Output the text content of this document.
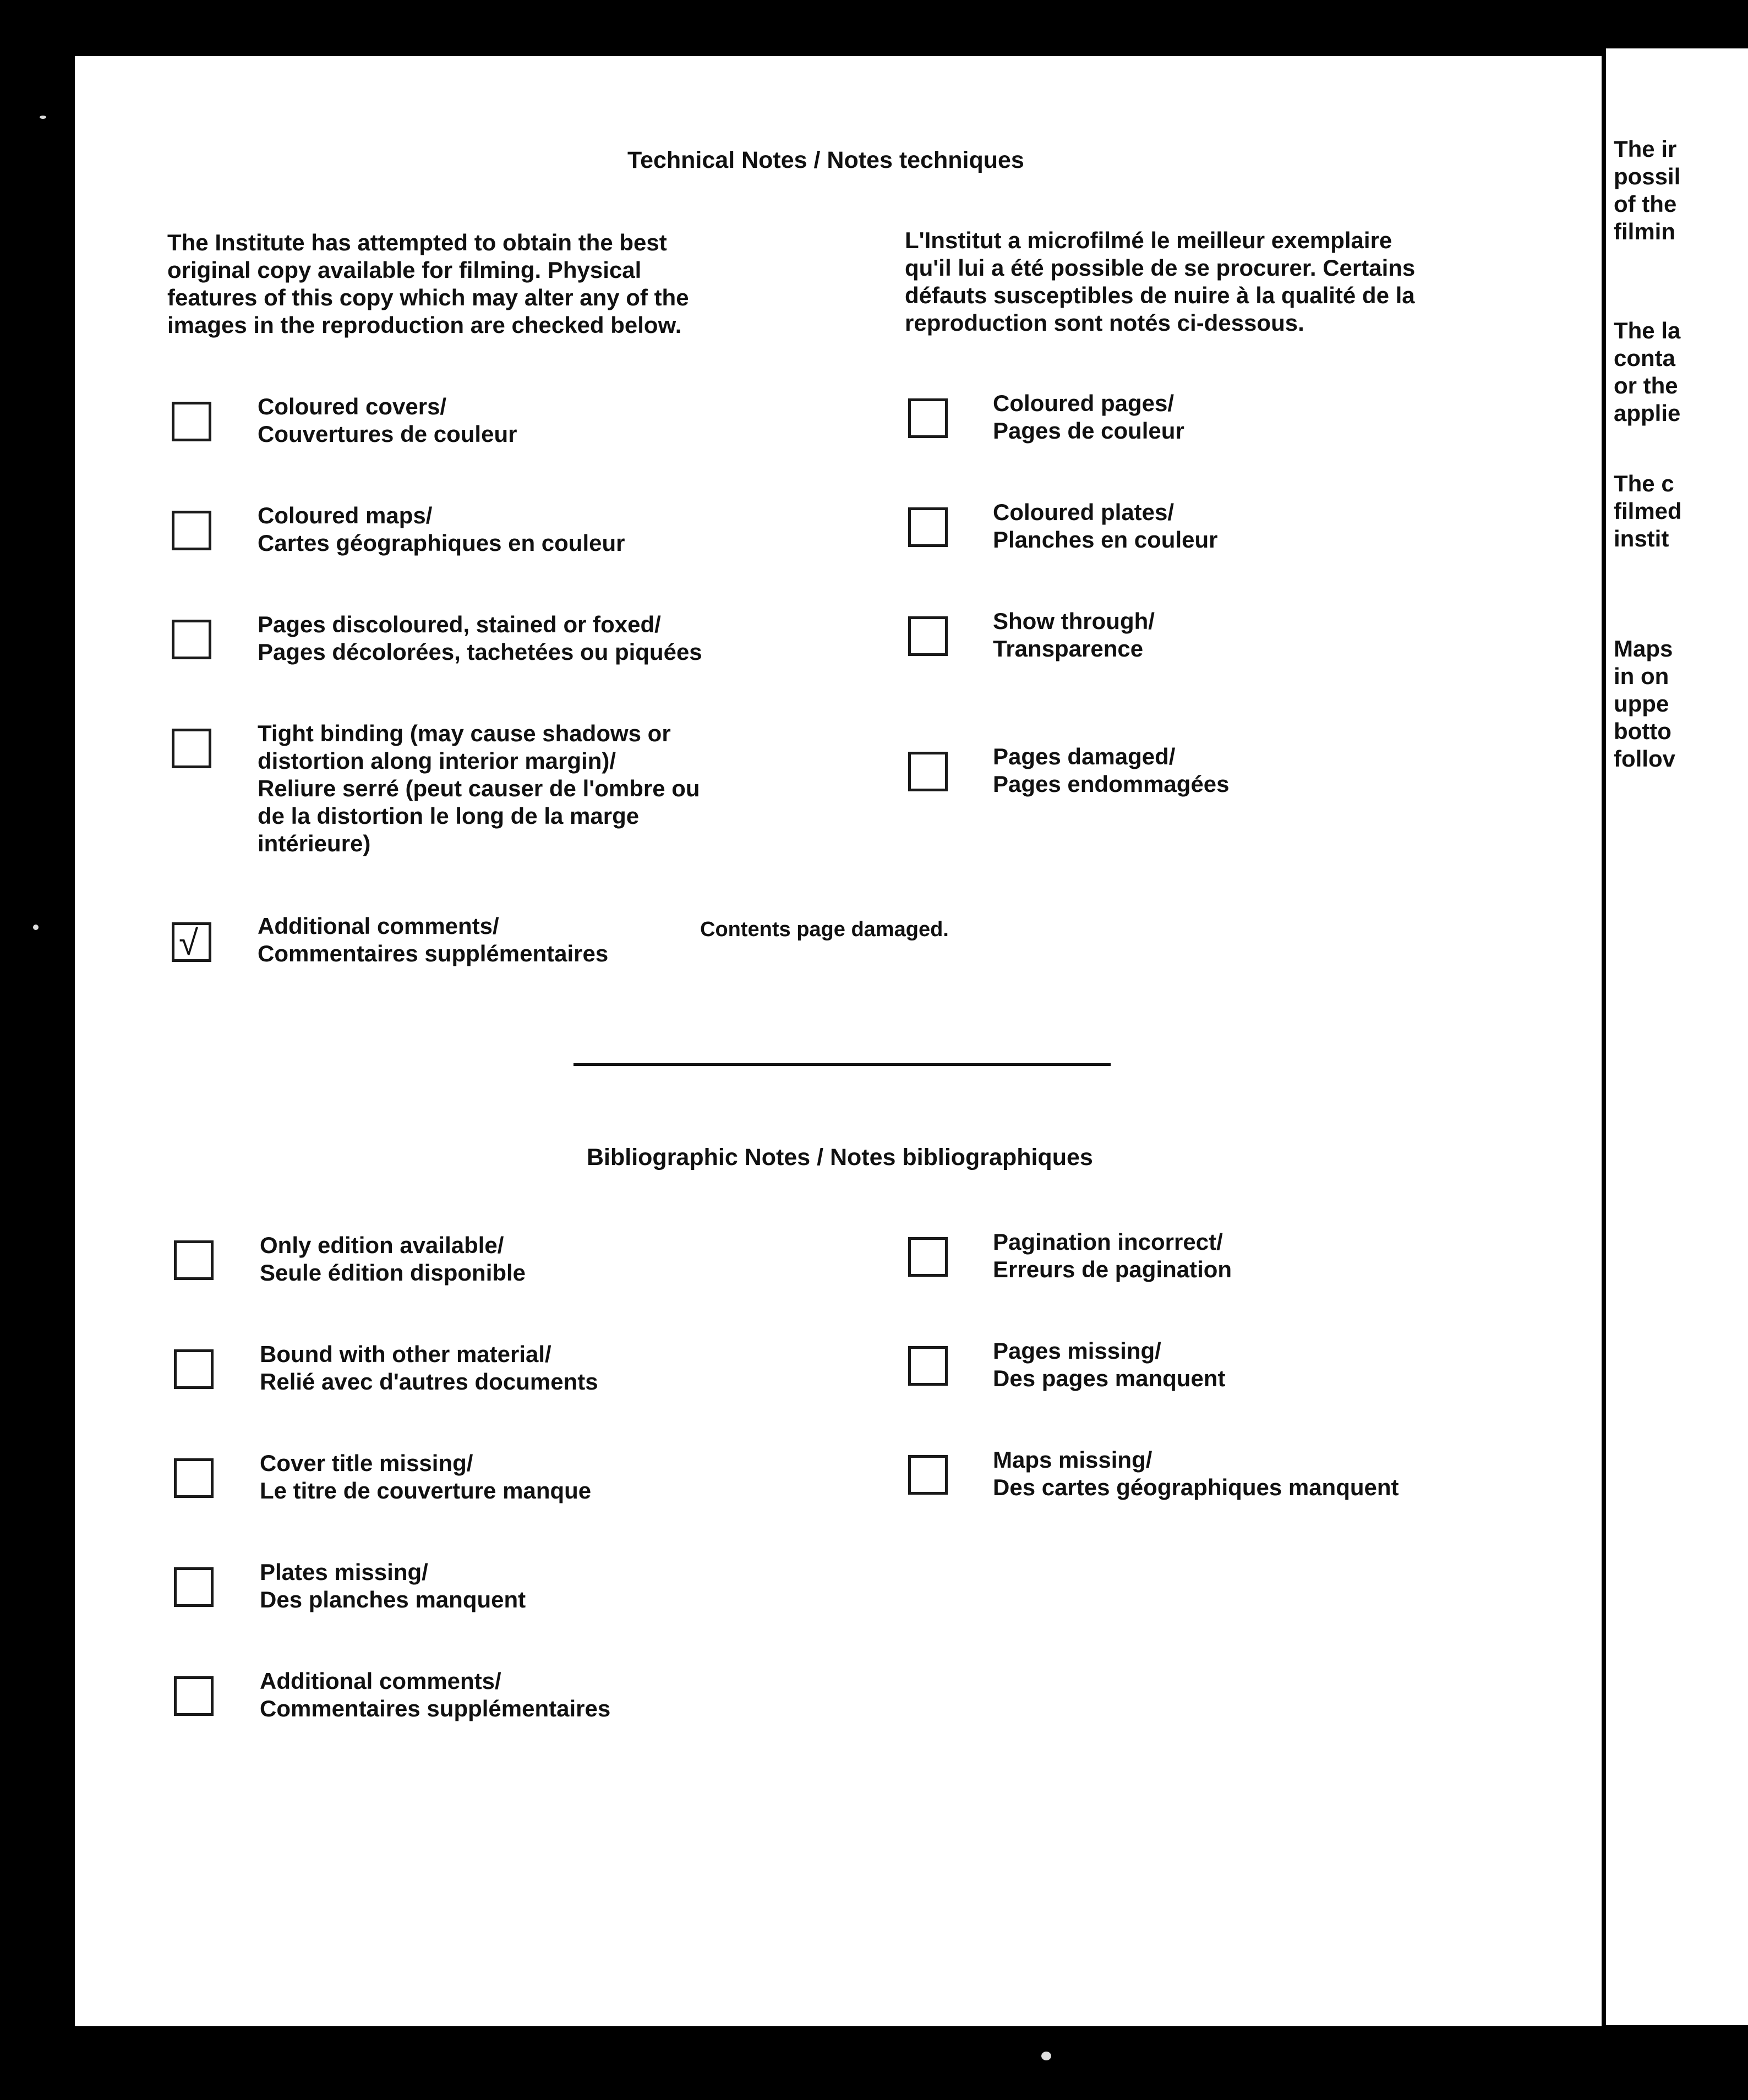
Technical Notes / Notes techniques
The Institute has attempted to obtain the best
original copy available for filming. Physical
features of this copy which may alter any of the
images in the reproduction are checked below.
L'Institut a microfilmé le meilleur exemplaire
qu'il lui a été possible de se procurer. Certains
défauts susceptibles de nuire à la qualité de la
reproduction sont notés ci-dessous.
Coloured covers/
Couvertures de couleur
Coloured maps/
Cartes géographiques en couleur
Pages discoloured, stained or foxed/
Pages décolorées, tachetées ou piquées
Tight binding (may cause shadows or
distortion along interior margin)/
Reliure serré (peut causer de l'ombre ou
de la distortion le long de la marge
intérieure)
√	Additional comments/
Commentaires supplémentaires
Contents page damaged.
Coloured pages/
Pages de couleur
Coloured plates/
Planches en couleur
Show through/
Transparence
Pages damaged/
Pages endommagées
Bibliographic Notes / Notes bibliographiques
Only edition available/
Seule édition disponible
Bound with other material/
Relié avec d'autres documents
Cover title missing/
Le titre de couverture manque
Plates missing/
Des planches manquent
Additional comments/
Commentaires supplémentaires
Pagination incorrect/
Erreurs de pagination
Pages missing/
Des pages manquent
Maps missing/
Des cartes géographiques manquent
The ir
possil
of the
filmin
The la
conta
or the
applie
The c
filmed
instit
Maps
in on
uppe
botto
follov
